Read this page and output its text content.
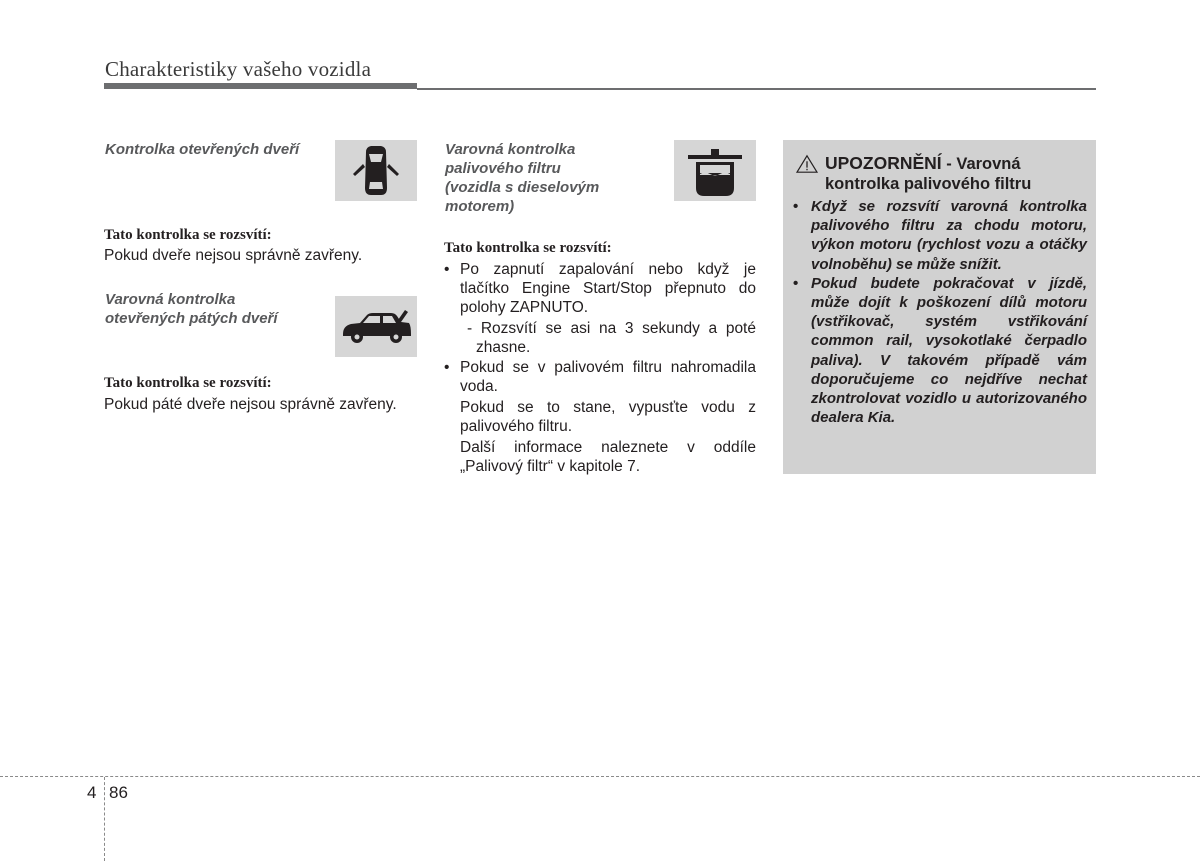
Charakteristiky vašeho vozidla
Kontrolka otevřených dveří
Tato kontrolka se rozsvítí:
Pokud dveře nejsou správně zavřeny.
Varovná kontrolka
otevřených pátých dveří
Tato kontrolka se rozsvítí:
Pokud páté dveře nejsou správně zavřeny.
Varovná kontrolka
palivového filtru
(vozidla s dieselovým
motorem)
Tato kontrolka se rozsvítí:
• Po zapnutí zapalování nebo když je tlačítko Engine Start/Stop přepnuto do polohy ZAPNUTO.
- Rozsvítí se asi na 3 sekundy a poté zhasne.
• Pokud se v palivovém filtru nahromadila voda.
Pokud se to stane, vypusťte vodu z palivového filtru.
Další informace naleznete v oddíle „Palivový filtr“ v kapitole 7.
UPOZORNĚNÍ - Varovná
kontrolka palivového filtru
• Když se rozsvítí varovná kontrolka palivového filtru za chodu motoru, výkon motoru (rychlost vozu a otáčky volnoběhu) se může snížit.
• Pokud budete pokračovat v jízdě, může dojít k poškození dílů motoru (vstřikovač, systém vstřikování common rail, vysokotlaké čerpadlo paliva). V takovém případě vám doporučujeme co nejdříve nechat zkontrolovat vozidlo u autorizovaného dealera Kia.
4 86
